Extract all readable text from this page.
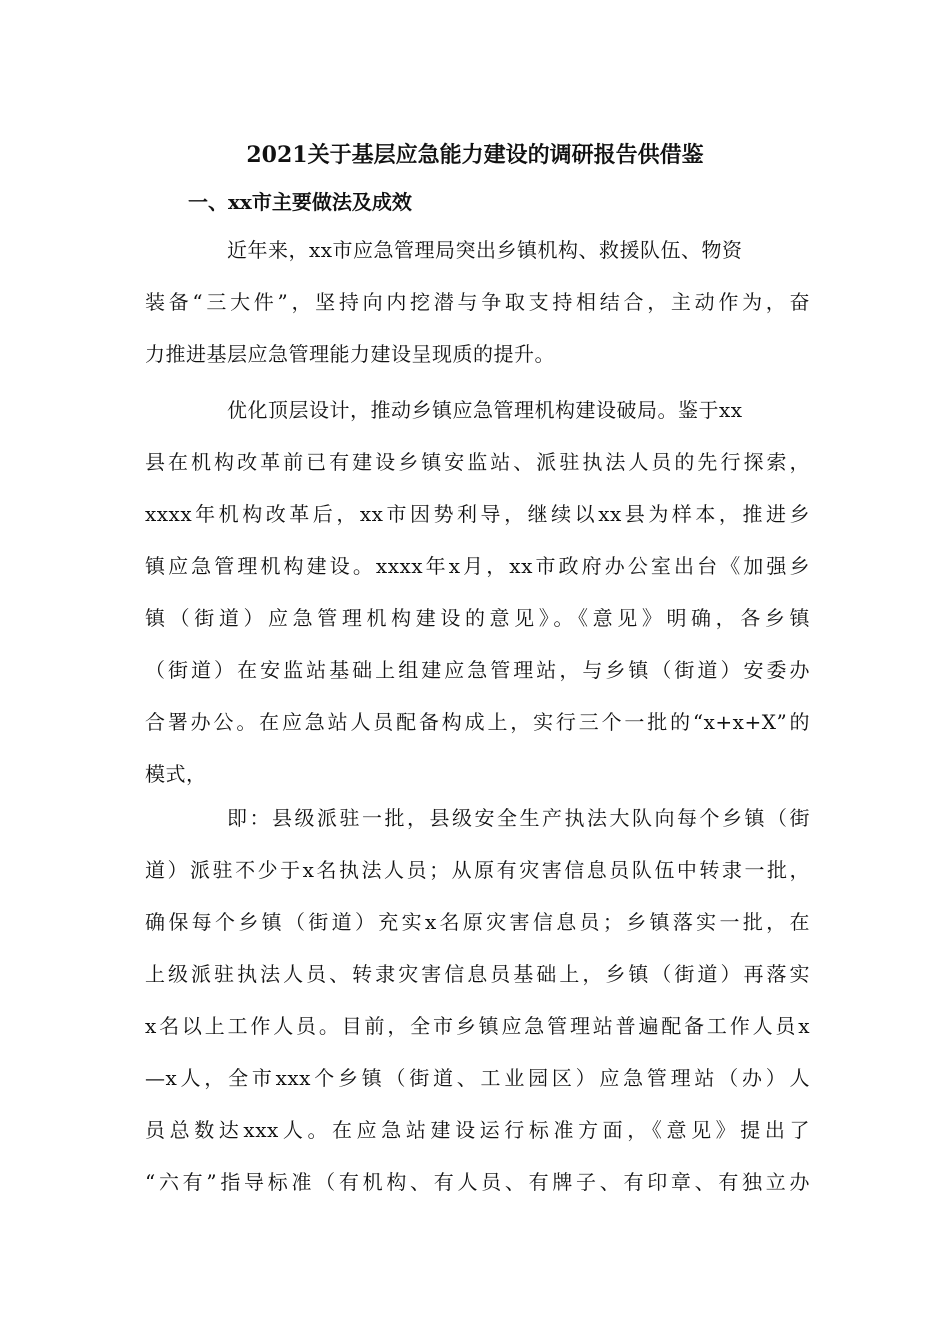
2021关于基层应急能力建设的调研报告供借鉴
一、xx市主要做法及成效
近年来，xx市应急管理局突出乡镇机构、救援队伍、物资
装备“三大件”，坚持向内挖潜与争取支持相结合，主动作为，奋
力推进基层应急管理能力建设呈现质的提升。
优化顶层设计，推动乡镇应急管理机构建设破局。鉴于xx
县在机构改革前已有建设乡镇安监站、派驻执法人员的先行探索，
xxxx年机构改革后，xx市因势利导，继续以xx县为样本，推进乡
镇应急管理机构建设。xxxx年x月，xx市政府办公室出台《加强乡
镇（街道）应急管理机构建设的意见》。《意见》明确，各乡镇
（街道）在安监站基础上组建应急管理站，与乡镇（街道）安委办
合署办公。在应急站人员配备构成上，实行三个一批的“x+x+X”的
模式，
即：县级派驻一批，县级安全生产执法大队向每个乡镇（街
道）派驻不少于x名执法人员；从原有灾害信息员队伍中转隶一批，
确保每个乡镇（街道）充实x名原灾害信息员；乡镇落实一批，在
上级派驻执法人员、转隶灾害信息员基础上，乡镇（街道）再落实
x名以上工作人员。目前，全市乡镇应急管理站普遍配备工作人员x
—x人，全市xxx个乡镇（街道、工业园区）应急管理站（办）人
员总数达xxx人。在应急站建设运行标准方面，《意见》提出了
“六有”指导标准（有机构、有人员、有牌子、有印章、有独立办
